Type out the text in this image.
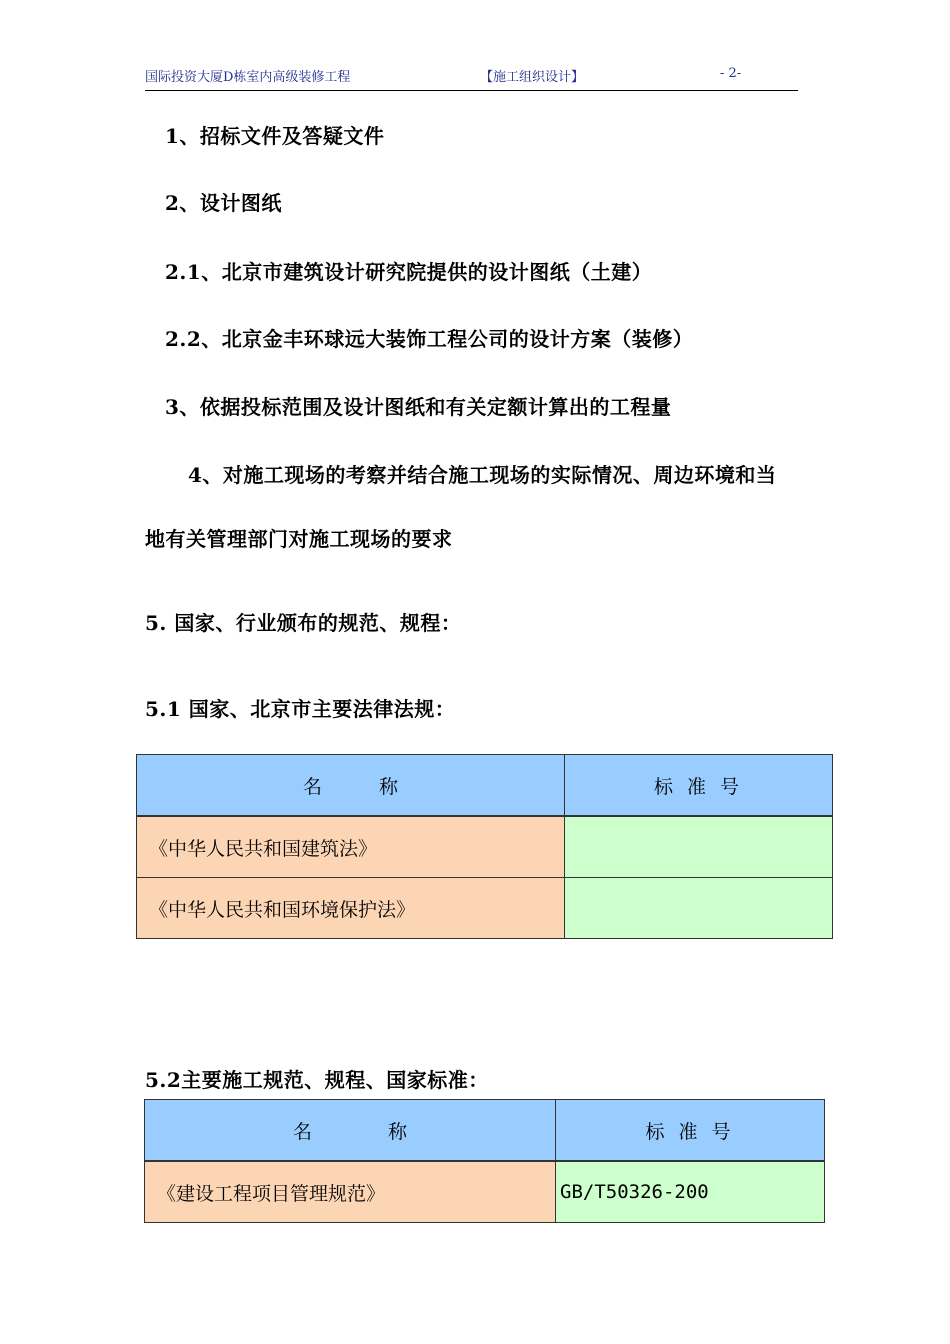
国际投资大厦D栋室内高级装修工程	【施工组织设计】	- 2-
1、招标文件及答疑文件
2、设计图纸
2.1、北京市建筑设计研究院提供的设计图纸（土建）
2.2、北京金丰环球远大装饰工程公司的设计方案（装修）
3、依据投标范围及设计图纸和有关定额计算出的工程量
4、对施工现场的考察并结合施工现场的实际情况、周边环境和当
地有关管理部门对施工现场的要求
5. 国家、行业颁布的规范、规程：
5.1 国家、北京市主要法律法规：
名　　　称	标 准 号
《中华人民共和国建筑法》	
《中华人民共和国环境保护法》	
5.2主要施工规范、规程、国家标准：
名　　　　称	标 准 号
《建设工程项目管理规范》	GB/T50326-200
